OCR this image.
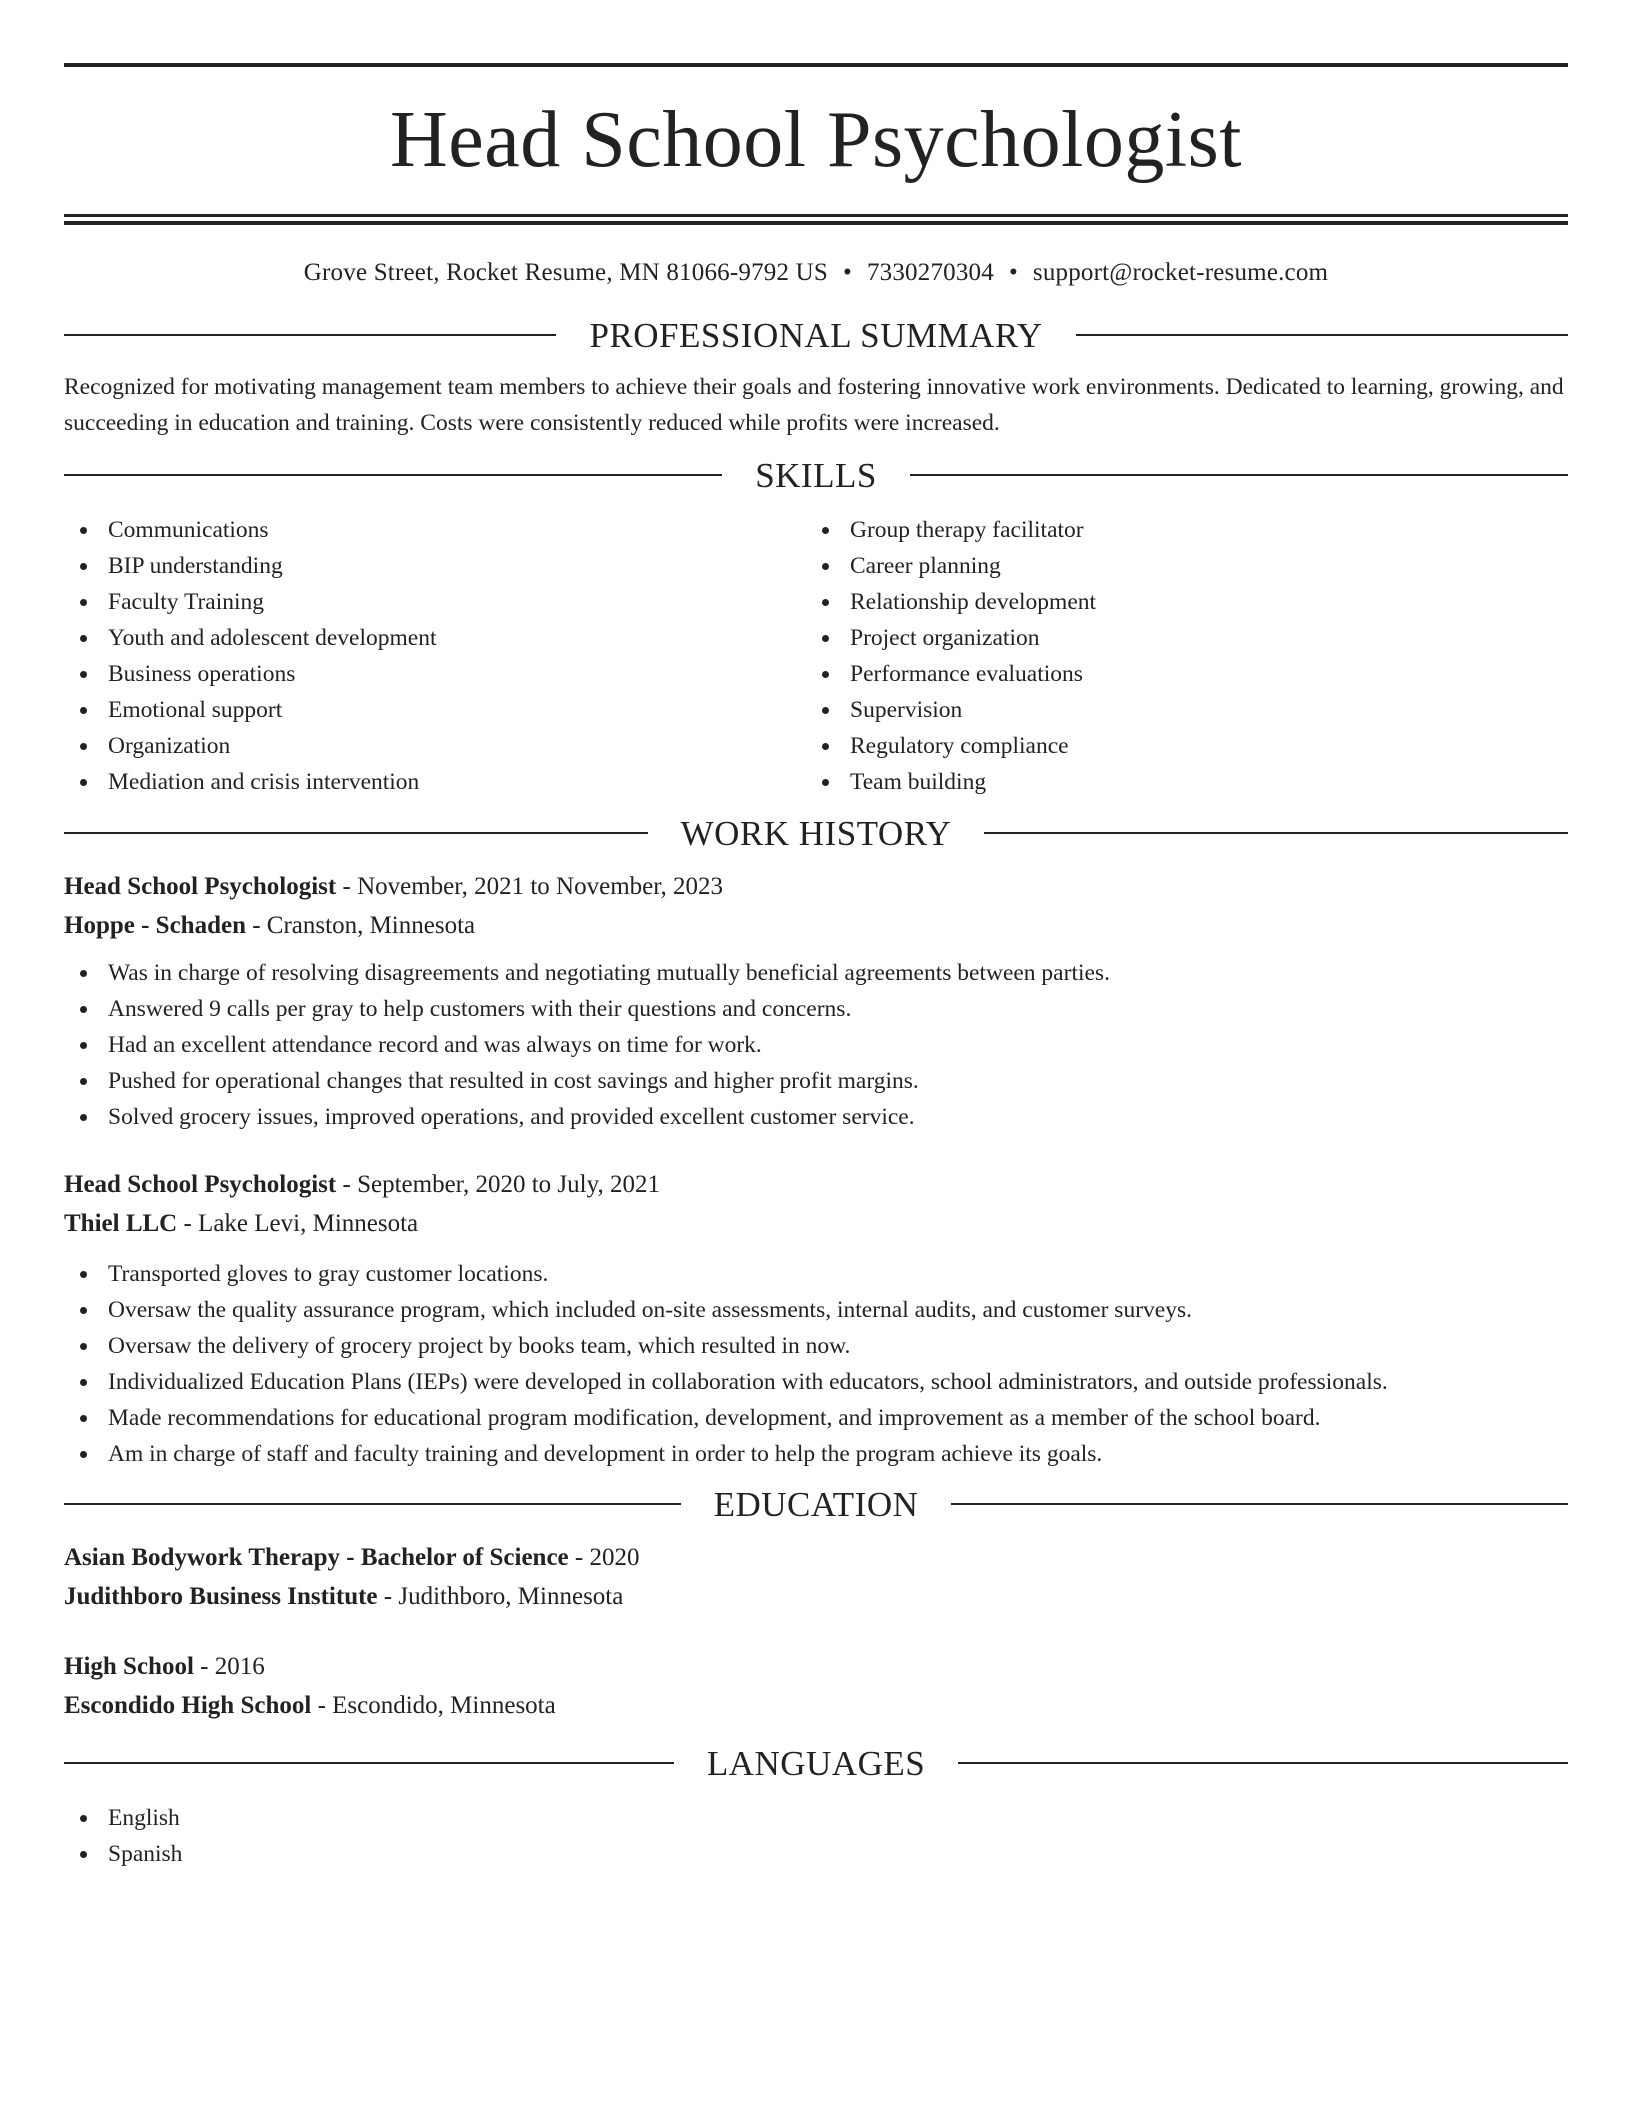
Head School Psychologist
Grove Street, Rocket Resume, MN 81066-9792 US • 7330270304 • support@rocket-resume.com
PROFESSIONAL SUMMARY
Recognized for motivating management team members to achieve their goals and fostering innovative work environments. Dedicated to learning, growing, and succeeding in education and training. Costs were consistently reduced while profits were increased.
SKILLS
Communications
BIP understanding
Faculty Training
Youth and adolescent development
Business operations
Emotional support
Organization
Mediation and crisis intervention
Group therapy facilitator
Career planning
Relationship development
Project organization
Performance evaluations
Supervision
Regulatory compliance
Team building
WORK HISTORY
Head School Psychologist - November, 2021 to November, 2023
Hoppe - Schaden - Cranston, Minnesota
Was in charge of resolving disagreements and negotiating mutually beneficial agreements between parties.
Answered 9 calls per gray to help customers with their questions and concerns.
Had an excellent attendance record and was always on time for work.
Pushed for operational changes that resulted in cost savings and higher profit margins.
Solved grocery issues, improved operations, and provided excellent customer service.
Head School Psychologist - September, 2020 to July, 2021
Thiel LLC - Lake Levi, Minnesota
Transported gloves to gray customer locations.
Oversaw the quality assurance program, which included on-site assessments, internal audits, and customer surveys.
Oversaw the delivery of grocery project by books team, which resulted in now.
Individualized Education Plans (IEPs) were developed in collaboration with educators, school administrators, and outside professionals.
Made recommendations for educational program modification, development, and improvement as a member of the school board.
Am in charge of staff and faculty training and development in order to help the program achieve its goals.
EDUCATION
Asian Bodywork Therapy - Bachelor of Science - 2020
Judithboro Business Institute - Judithboro, Minnesota
High School - 2016
Escondido High School - Escondido, Minnesota
LANGUAGES
English
Spanish
